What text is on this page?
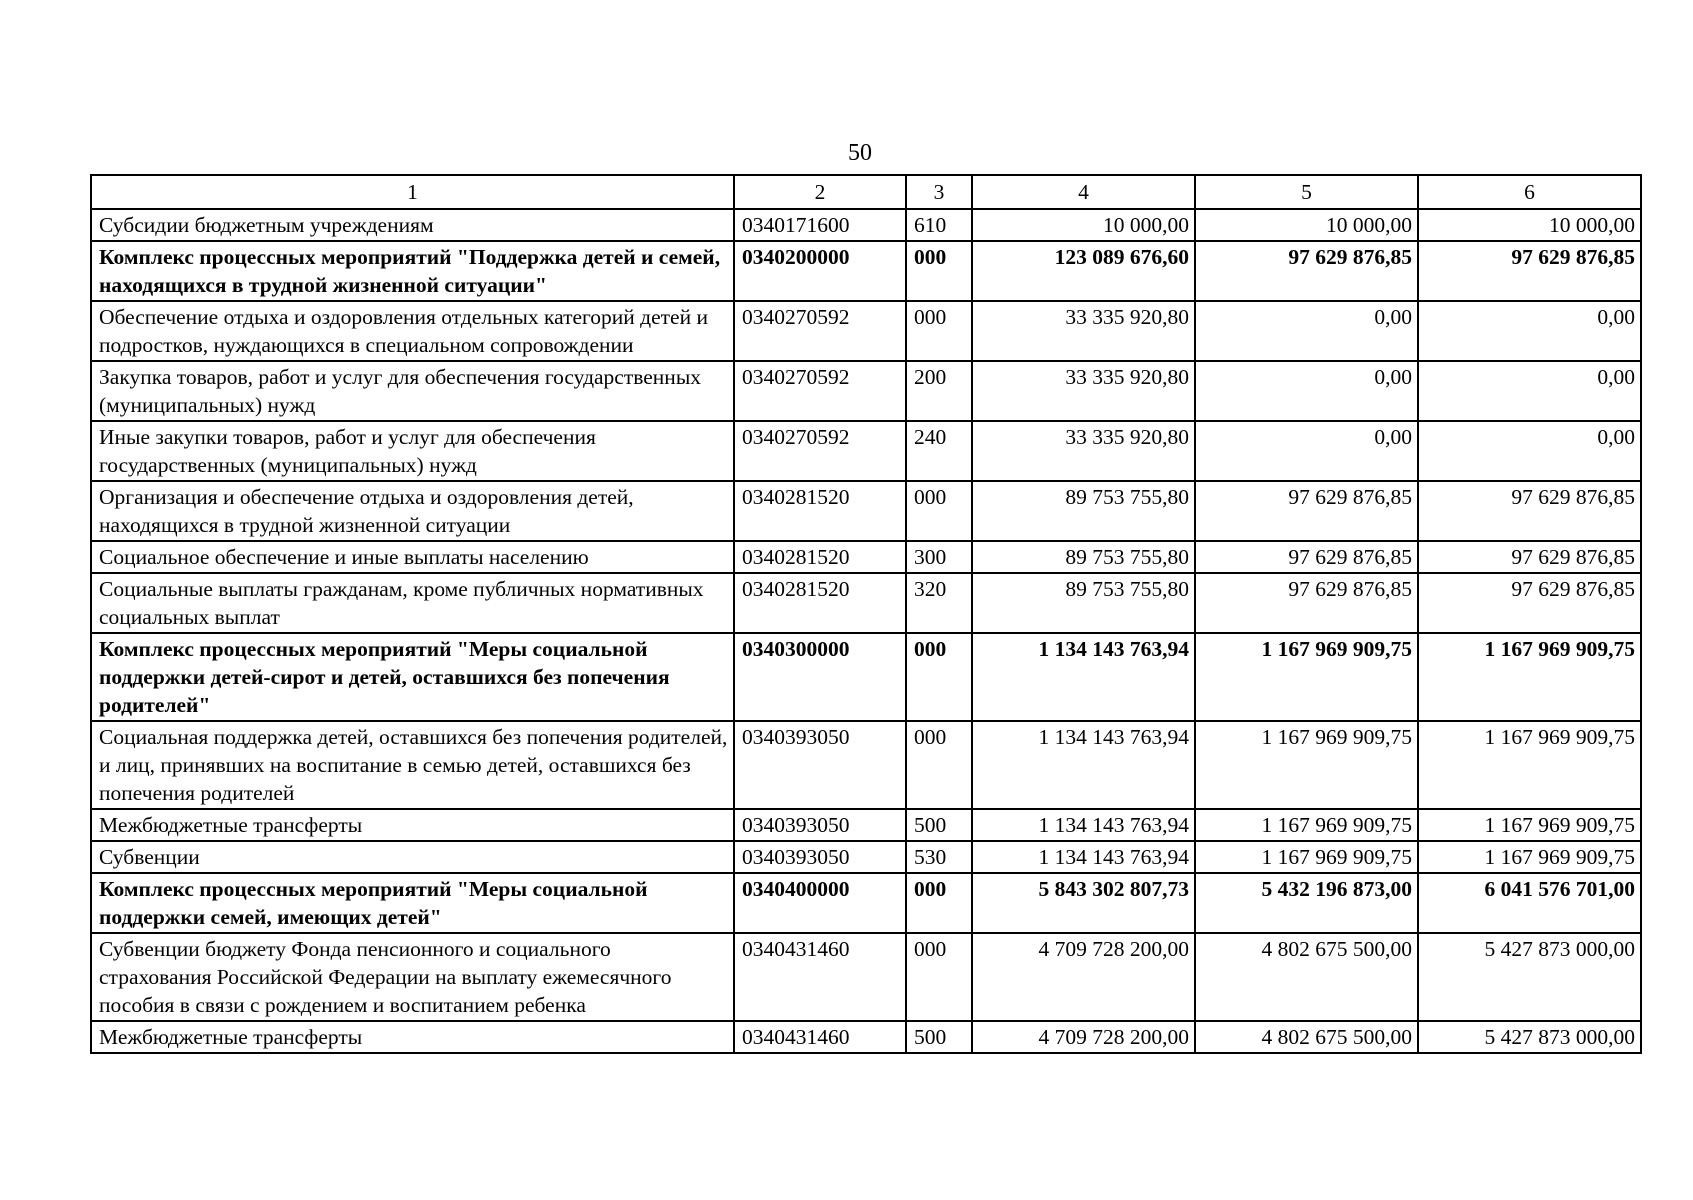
50
1	2	3	4	5	6
Субсидии бюджетным учреждениям	0340171600	610	10 000,00	10 000,00	10 000,00
Комплекс процессных мероприятий "Поддержка детей и семей, находящихся в трудной жизненной ситуации"	0340200000	000	123 089 676,60	97 629 876,85	97 629 876,85
Обеспечение отдыха и оздоровления отдельных категорий детей и подростков, нуждающихся в специальном сопровождении	0340270592	000	33 335 920,80	0,00	0,00
Закупка товаров, работ и услуг для обеспечения государственных (муниципальных) нужд	0340270592	200	33 335 920,80	0,00	0,00
Иные закупки товаров, работ и услуг для обеспечения государственных (муниципальных) нужд	0340270592	240	33 335 920,80	0,00	0,00
Организация и обеспечение отдыха и оздоровления детей, находящихся в трудной жизненной ситуации	0340281520	000	89 753 755,80	97 629 876,85	97 629 876,85
Социальное обеспечение и иные выплаты населению	0340281520	300	89 753 755,80	97 629 876,85	97 629 876,85
Социальные выплаты гражданам, кроме публичных нормативных социальных выплат	0340281520	320	89 753 755,80	97 629 876,85	97 629 876,85
Комплекс процессных мероприятий "Меры социальной поддержки детей-сирот и детей, оставшихся без попечения родителей"	0340300000	000	1 134 143 763,94	1 167 969 909,75	1 167 969 909,75
Социальная поддержка детей, оставшихся без попечения родителей, и лиц, принявших на воспитание в семью детей, оставшихся без попечения родителей	0340393050	000	1 134 143 763,94	1 167 969 909,75	1 167 969 909,75
Межбюджетные трансферты	0340393050	500	1 134 143 763,94	1 167 969 909,75	1 167 969 909,75
Субвенции	0340393050	530	1 134 143 763,94	1 167 969 909,75	1 167 969 909,75
Комплекс процессных мероприятий "Меры социальной поддержки семей, имеющих детей"	0340400000	000	5 843 302 807,73	5 432 196 873,00	6 041 576 701,00
Субвенции бюджету Фонда пенсионного и социального страхования Российской Федерации на выплату ежемесячного пособия в связи с рождением и воспитанием ребенка	0340431460	000	4 709 728 200,00	4 802 675 500,00	5 427 873 000,00
Межбюджетные трансферты	0340431460	500	4 709 728 200,00	4 802 675 500,00	5 427 873 000,00
